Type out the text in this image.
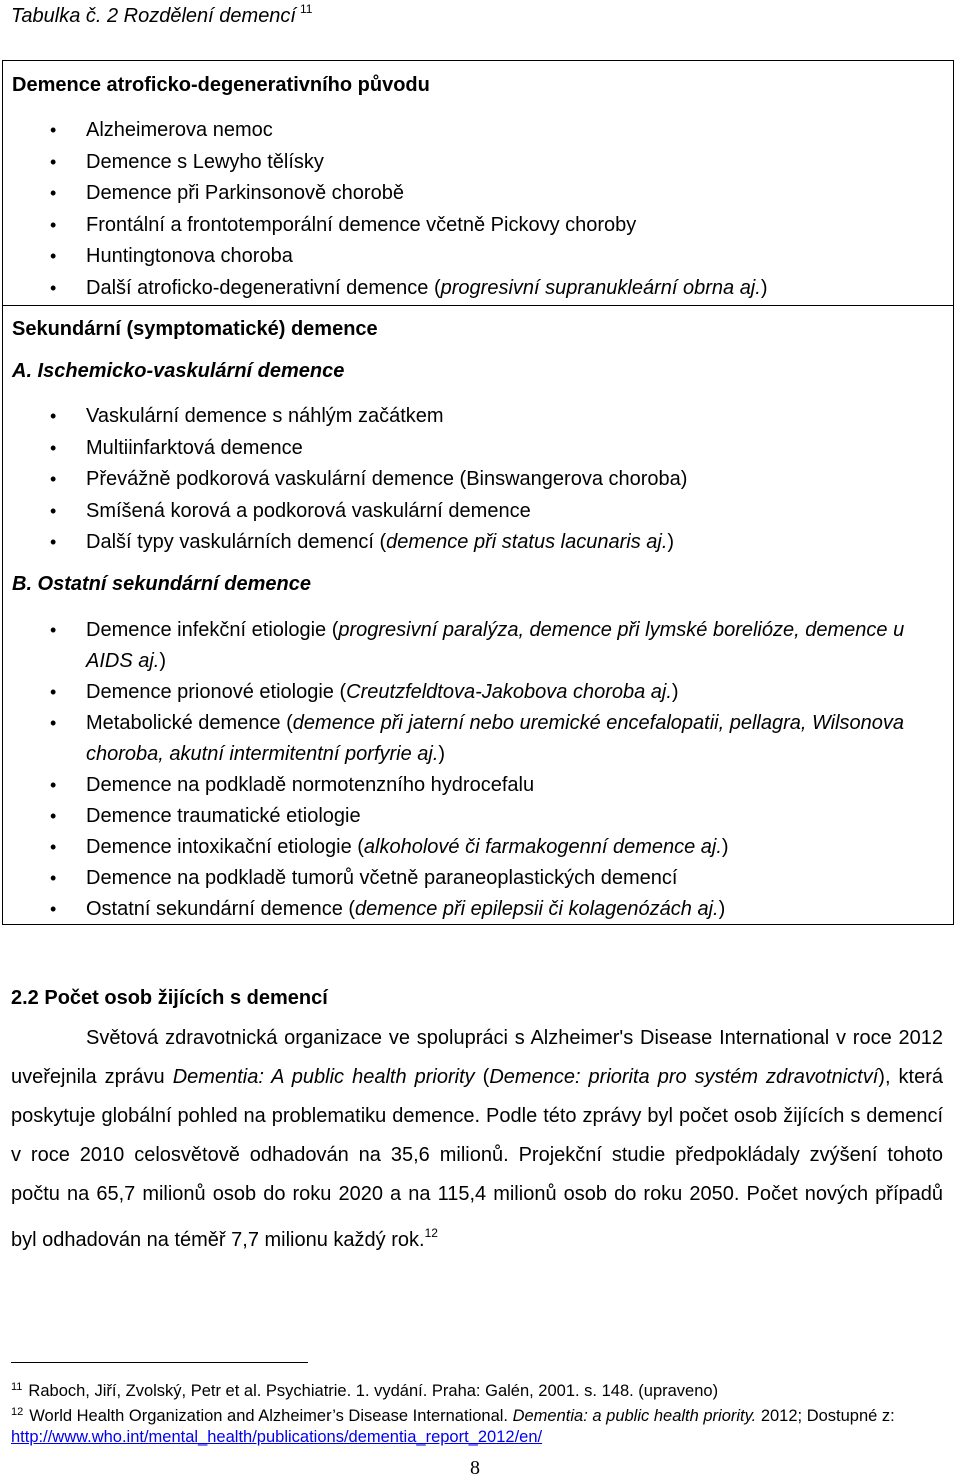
Tabulka č. 2 Rozdělení demencí $^{11}$
Demence atroficko-degenerativního původu
• Alzheimerova nemoc
• Demence s Lewyho tělísky
• Demence při Parkinsonově chorobě
• Frontální a frontotemporální demence včetně Pickovy choroby
• Huntingtonova choroba
• Další atroficko-degenerativní demence (progresivní supranukleární obrna aj.)
Sekundární (symptomatické) demence
A. Ischemicko-vaskulární demence
• Vaskulární demence s náhlým začátkem
• Multiinfarktová demence
• Převážně podkorová vaskulární demence (Binswangerova choroba)
• Smíšená korová a podkorová vaskulární demence
• Další typy vaskulárních demencí (demence při status lacunaris aj.)
B. Ostatní sekundární demence
• Demence infekční etiologie (progresivní paralýza, demence při lymské borelióze, demence u AIDS aj.)
• Demence prionové etiologie (Creutzfeldtova-Jakobova choroba aj.)
• Metabolické demence (demence při jaterní nebo uremické encefalopatii, pellagra, Wilsonova choroba, akutní intermitentní porfyrie aj.)
• Demence na podkladě normotenzního hydrocefalu
• Demence traumatické etiologie
• Demence intoxikační etiologie (alkoholové či farmakogenní demence aj.)
• Demence na podkladě tumorů včetně paraneoplastických demencí
• Ostatní sekundární demence (demence při epilepsii či kolagenózách aj.)
2.2 Počet osob žijících s demencí
Světová zdravotnická organizace ve spolupráci s Alzheimer's Disease International v roce 2012 uveřejnila zprávu Dementia: A public health priority (Demence: priorita pro systém zdravotnictví), která poskytuje globální pohled na problematiku demence. Podle této zprávy byl počet osob žijících s demencí v roce 2010 celosvětově odhadován na 35,6 milionů. Projekční studie předpokládaly zvýšení tohoto počtu na 65,7 milionů osob do roku 2020 a na 115,4 milionů osob do roku 2050. Počet nových případů byl odhadován na téměř 7,7 milionu každý rok.$^{12}$
$^{11}$ Raboch, Jiří, Zvolský, Petr et al. Psychiatrie. 1. vydání. Praha: Galén, 2001. s. 148. (upraveno)
$^{12}$ World Health Organization and Alzheimer’s Disease International. Dementia: a public health priority. 2012; Dostupné z: http://www.who.int/mental_health/publications/dementia_report_2012/en/
8
